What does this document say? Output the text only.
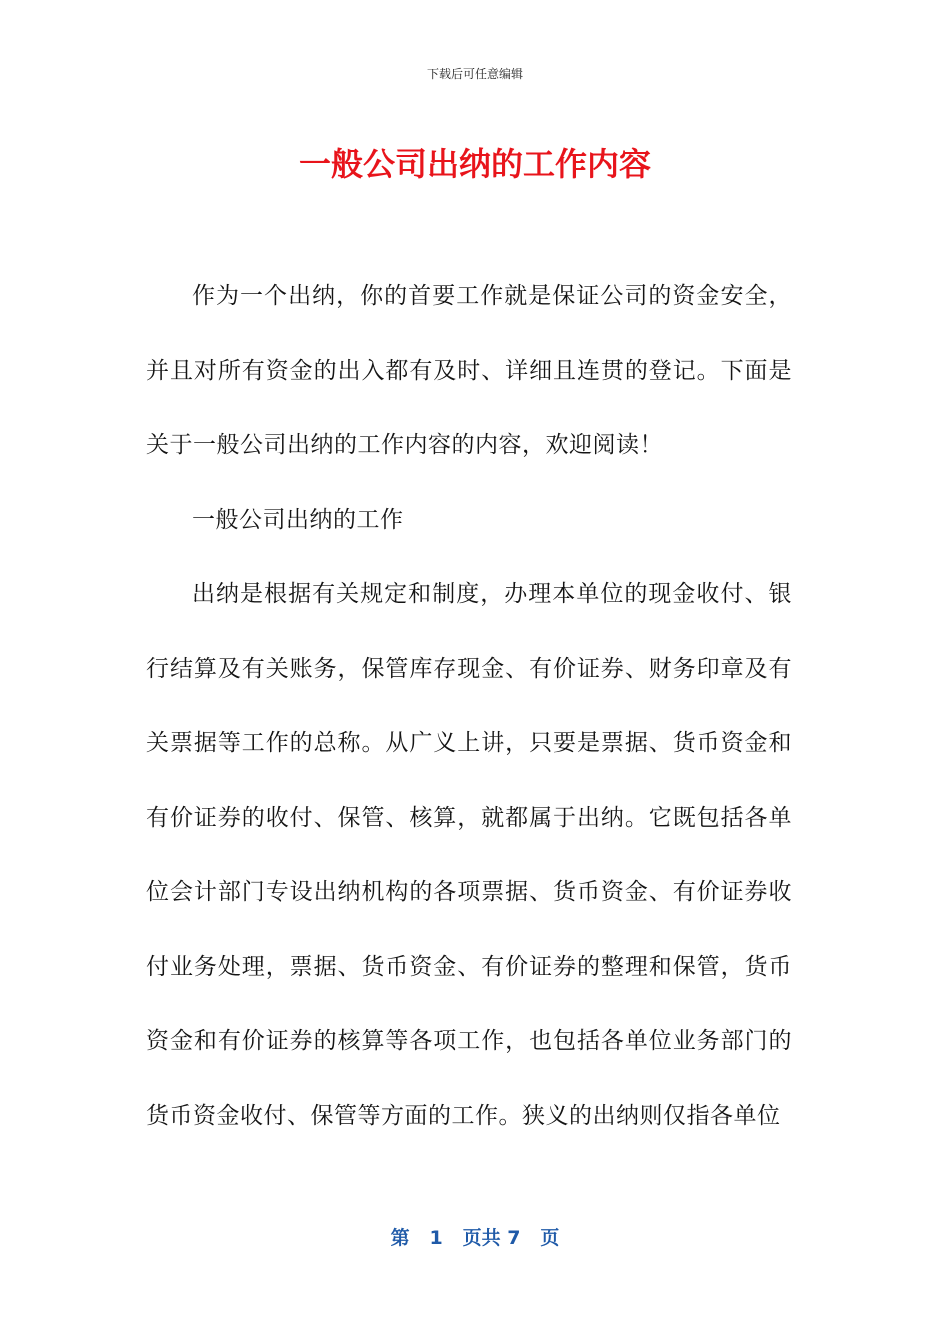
下载后可任意编辑
一般公司出纳的工作内容

作为一个出纳，你的首要工作就是保证公司的资金安全，并且对所有资金的出入都有及时、详细且连贯的登记。下面是关于一般公司出纳的工作内容的内容，欢迎阅读！

一般公司出纳的工作

出纳是根据有关规定和制度，办理本单位的现金收付、银行结算及有关账务，保管库存现金、有价证券、财务印章及有关票据等工作的总称。从广义上讲，只要是票据、货币资金和有价证券的收付、保管、核算，就都属于出纳。它既包括各单位会计部门专设出纳机构的各项票据、货币资金、有价证券收付业务处理，票据、货币资金、有价证券的整理和保管，货币资金和有价证券的核算等各项工作，也包括各单位业务部门的货币资金收付、保管等方面的工作。狭义的出纳则仅指各单位

第 1 页共 7 页
